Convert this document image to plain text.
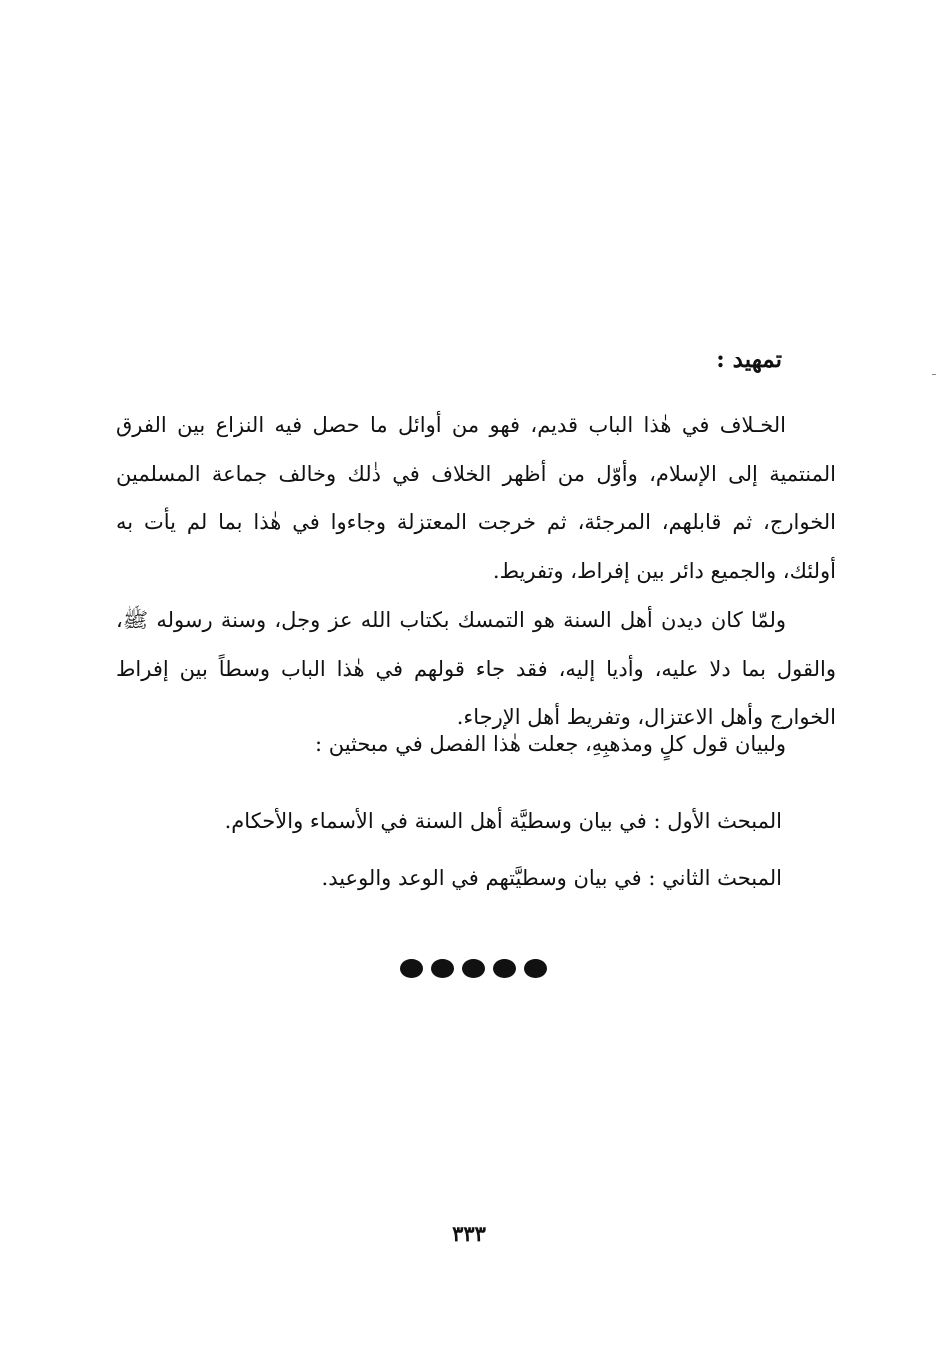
تمهيد :
الخـلاف في هٰذا الباب قديم، فهو من أوائل ما حصل فيه النزاع بين الفرق المنتمية إلى الإسلام، وأوّل من أظهر الخلاف في ذٰلك وخالف جماعة المسلمين الخوارج، ثم قابلهم، المرجئة، ثم خرجت المعتزلة وجاءوا في هٰذا بما لم يأت به أولئك، والجميع دائر بين إفراط، وتفريط.
ولمّا كان ديدن أهل السنة هو التمسك بكتاب الله عز وجل، وسنة رسوله ﷺ، والقول بما دلا عليه، وأديا إليه، فقد جاء قولهم في هٰذا الباب وسطاً بين إفراط الخوارج وأهل الاعتزال، وتفريط أهل الإرجاء.
ولبيان قول كلٍ ومذهبِهِ، جعلت هٰذا الفصل في مبحثين :
المبحث الأول : في بيان وسطيَّة أهل السنة في الأسماء والأحكام.
المبحث الثاني : في بيان وسطيَّتهم في الوعد والوعيد.
٣٣٣
